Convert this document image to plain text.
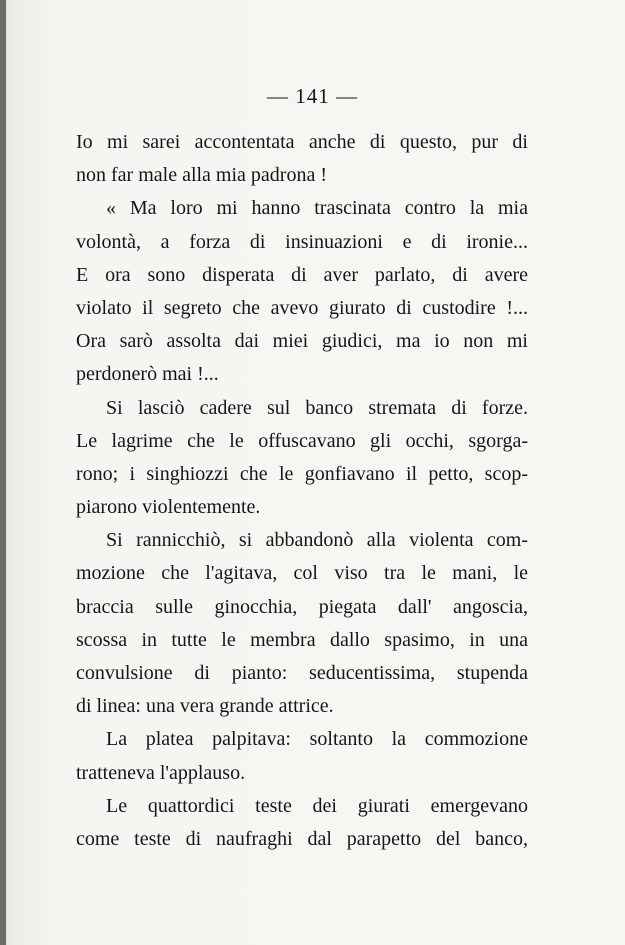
— 141 —
Io mi sarei accontentata anche di questo, pur di
non far male alla mia padrona !
« Ma loro mi hanno trascinata contro la mia
volontà, a forza di insinuazioni e di ironie...
E ora sono disperata di aver parlato, di avere
violato il segreto che avevo giurato di custodire !...
Ora sarò assolta dai miei giudici, ma io non mi
perdonerò mai !...
Si lasciò cadere sul banco stremata di forze.
Le lagrime che le offuscavano gli occhi, sgorga-
rono; i singhiozzi che le gonfiavano il petto, scop-
piarono violentemente.
Si rannicchiò, si abbandonò alla violenta com-
mozione che l'agitava, col viso tra le mani, le
braccia sulle ginocchia, piegata dall' angoscia,
scossa in tutte le membra dallo spasimo, in una
convulsione di pianto: seducentissima, stupenda
di linea: una vera grande attrice.
La platea palpitava: soltanto la commozione
tratteneva l'applauso.
Le quattordici teste dei giurati emergevano
come teste di naufraghi dal parapetto del banco,
